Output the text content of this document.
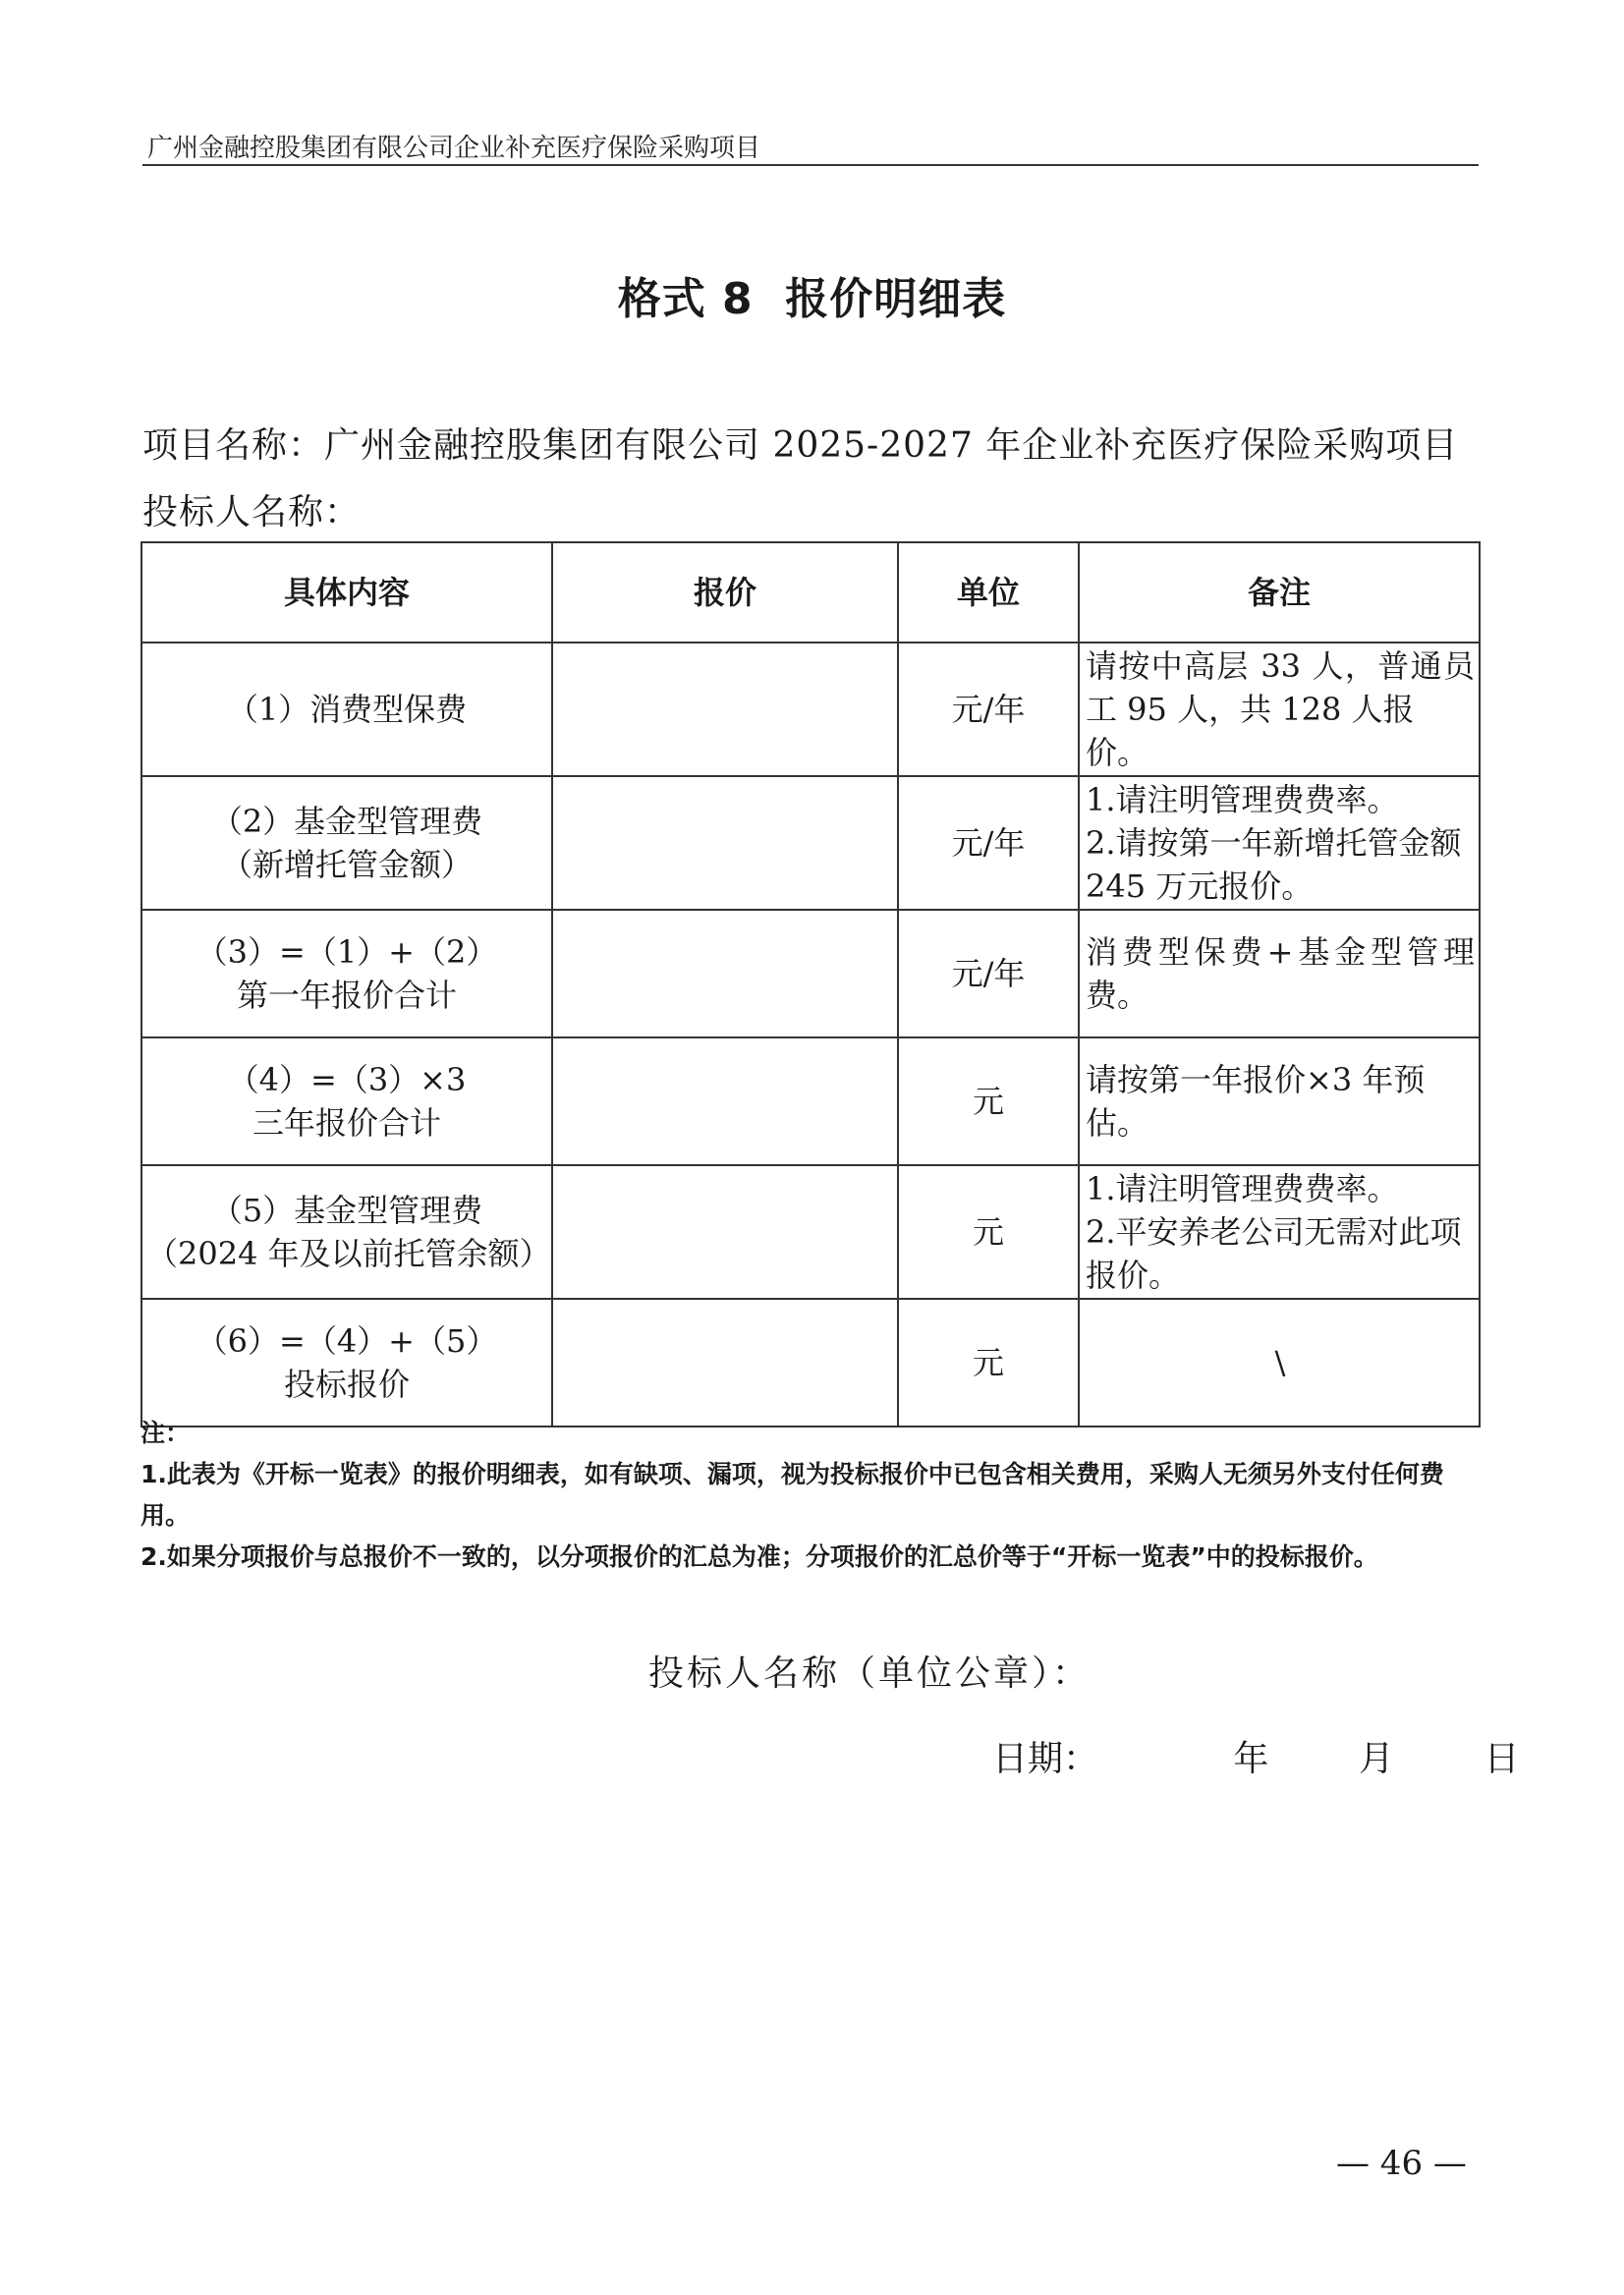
广州金融控股集团有限公司企业补充医疗保险采购项目
格式 8  报价明细表
项目名称：广州金融控股集团有限公司 2025-2027 年企业补充医疗保险采购项目
投标人名称：
具体内容	报价	单位	备注

（1）消费型保费		元/年	请按中高层 33 人，普通员
工 95 人，共 128 人报价。

（2）基金型管理费
（新增托管金额）		元/年	1.请注明管理费费率。
2.请按第一年新增托管金额
245 万元报价。

（3）=（1）+（2）
第一年报价合计		元/年	消费型保费+基金型管理
费。

（4）=（3）×3
三年报价合计		元	请按第一年报价×3 年预估。

（5）基金型管理费
（2024 年及以前托管余额）		元	1.请注明管理费费率。
2.平安养老公司无需对此项
报价。

（6）=（4）+（5）
投标报价		元	\

注：

1.此表为《开标一览表》的报价明细表，如有缺项、漏项，视为投标报价中已包含相关费用，采购人无须另外支付任何费用。

2.如果分项报价与总报价不一致的，以分项报价的汇总为准；分项报价的汇总价等于“开标一览表”中的投标报价。

投标人名称（单位公章）：
日期：	年	月	日
— 46 —
